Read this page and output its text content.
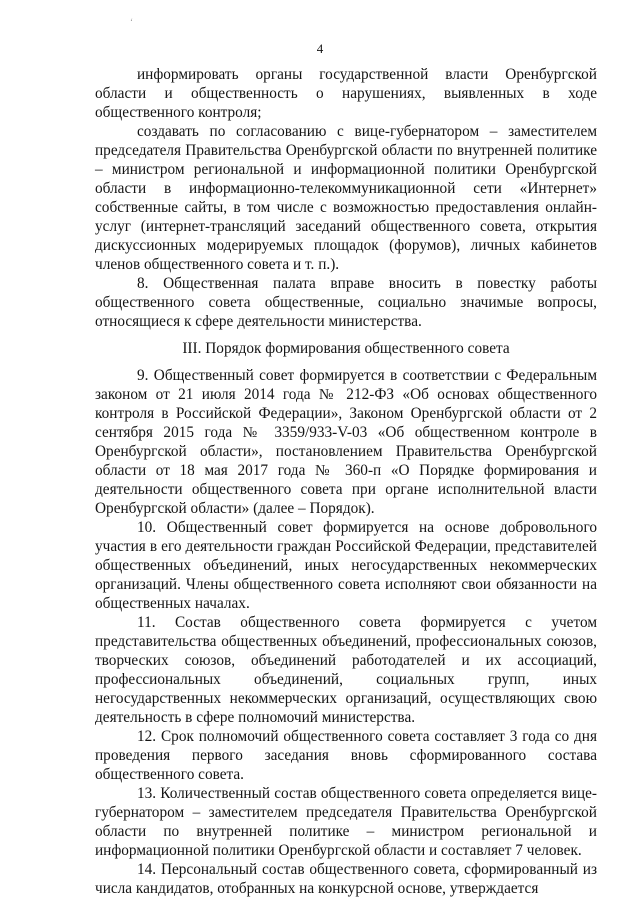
‘
4

информировать органы государственной власти Оренбургской области и общественность о нарушениях, выявленных в ходе общественного контроля;

создавать по согласованию с вице-губернатором – заместителем председателя Правительства Оренбургской области по внутренней политике – министром региональной и информационной политики Оренбургской области в информационно-телекоммуникационной сети «Интернет» собственные сайты, в том числе с возможностью предоставления онлайн-услуг (интернет-трансляций заседаний общественного совета, открытия дискуссионных модерируемых площадок (форумов), личных кабинетов членов общественного совета и т. п.).

8. Общественная палата вправе вносить в повестку работы общественного совета общественные, социально значимые вопросы, относящиеся к сфере деятельности министерства.

III. Порядок формирования общественного совета

9. Общественный совет формируется в соответствии с Федеральным законом от 21 июля 2014 года № 212-ФЗ «Об основах общественного контроля в Российской Федерации», Законом Оренбургской области от 2 сентября 2015 года № 3359/933-V-03 «Об общественном контроле в Оренбургской области», постановлением Правительства Оренбургской области от 18 мая 2017 года № 360-п «О Порядке формирования и деятельности общественного совета при органе исполнительной власти Оренбургской области» (далее – Порядок).

10. Общественный совет формируется на основе добровольного участия в его деятельности граждан Российской Федерации, представителей общественных объединений, иных негосударственных некоммерческих организаций. Члены общественного совета исполняют свои обязанности на общественных началах.

11. Состав общественного совета формируется с учетом представительства общественных объединений, профессиональных союзов, творческих союзов, объединений работодателей и их ассоциаций, профессиональных объединений, социальных групп, иных негосударственных некоммерческих организаций, осуществляющих свою деятельность в сфере полномочий министерства.

12. Срок полномочий общественного совета составляет 3 года со дня проведения первого заседания вновь сформированного состава общественного совета.

13. Количественный состав общественного совета определяется вице-губернатором – заместителем председателя Правительства Оренбургской области по внутренней политике – министром региональной и информационной политики Оренбургской области и составляет 7 человек.

14. Персональный состав общественного совета, сформированный из числа кандидатов, отобранных на конкурсной основе, утверждается
